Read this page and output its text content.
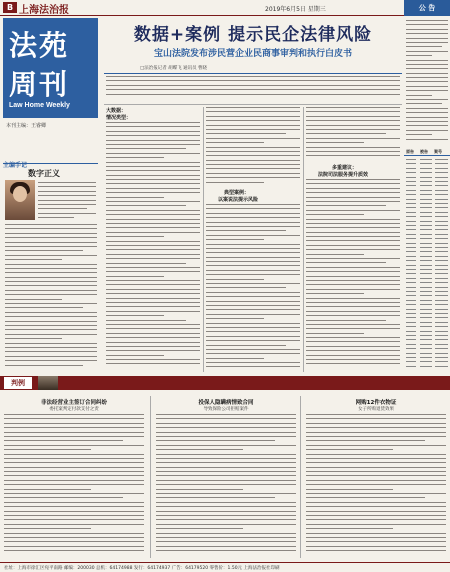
B 上海法治报	2019年6月5日 星期三	公 告
法苑
周刊
Law Home Weekly
本刊主编：王睿卿
主编手记
数字正义
数据+案例 提示民企法律风险
宝山法院发布涉民营企业民商事审判和执行白皮书
□法治报记者 胡蝶飞 通讯员 曹晓
大数据：
情况类型：
典型案例：
以案说法提示风险
多重建议：
法院司法服务提升质效
原告 被告 案号
判例
非法经营业主签订合同纠纷
委托案判定付款支付之责
投保人隐瞒病情致合同
导致保险公司拒赔案件
网购12件衣物证
女子所购退货效果
社址：上海市徐汇区宛平南路 邮编：200030 总机：64174988 发行：64174937 广告：64179520 零售价：1.50元 上海法治报社印刷
